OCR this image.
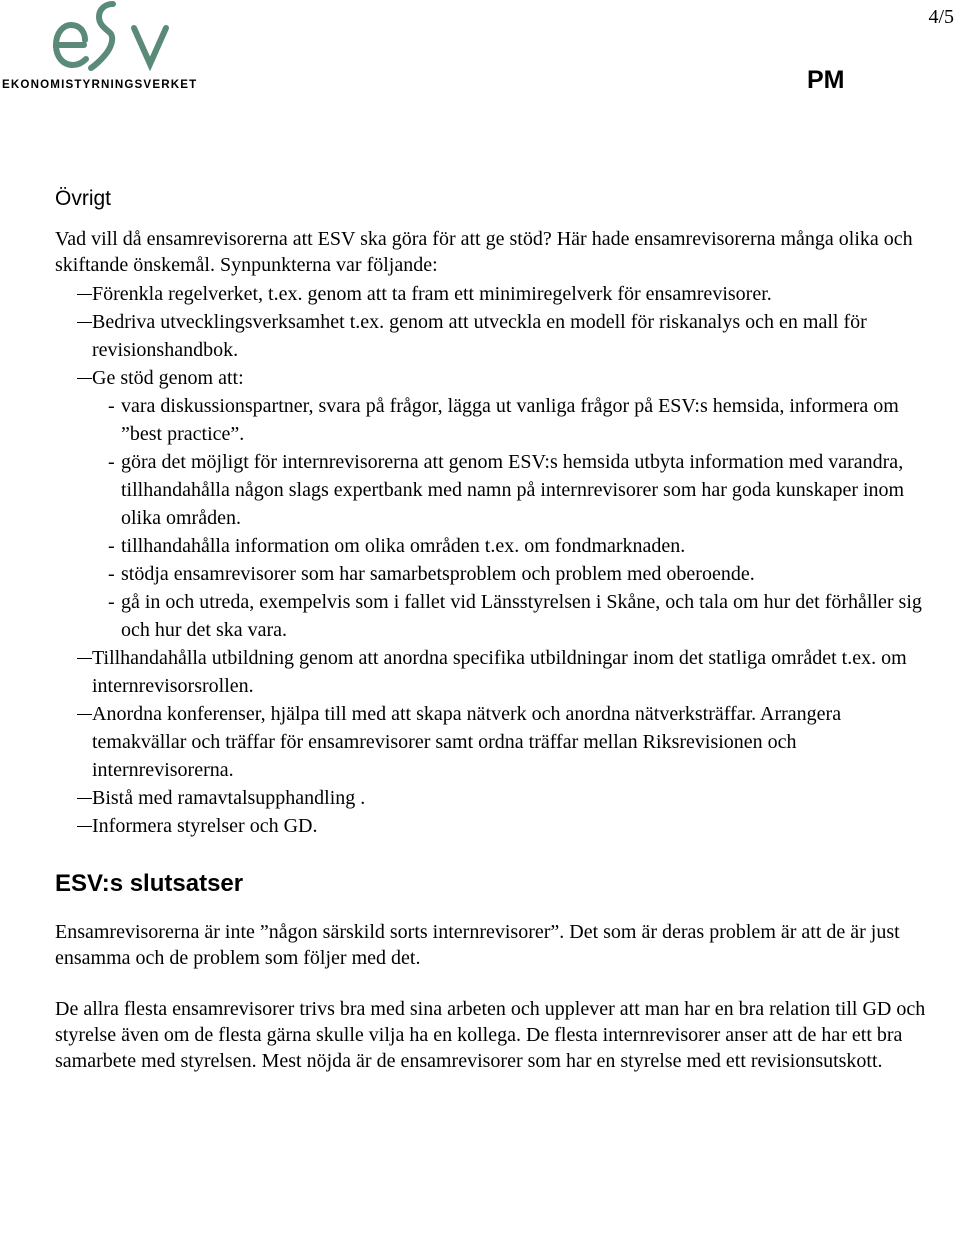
EKONOMISTYRNINGSVERKET
4/5
PM
Övrigt

Vad vill då ensamrevisorerna att ESV ska göra för att ge stöd? Här hade ensamrevisorerna många olika och skiftande önskemål. Synpunkterna var följande:

Förenkla regelverket, t.ex. genom att ta fram ett minimiregelverk för ensamrevisorer.
Bedriva utvecklingsverksamhet t.ex. genom att utveckla en modell för riskanalys och en mall för revisionshandbok.
Ge stöd genom att:
- vara diskussionspartner, svara på frågor, lägga ut vanliga frågor på ESV:s hemsida, informera om ”best practice”.
- göra det möjligt för internrevisorerna att genom ESV:s hemsida utbyta information med varandra, tillhandahålla någon slags expertbank med namn på internrevisorer som har goda kunskaper inom olika områden.
- tillhandahålla information om olika områden t.ex. om fondmarknaden.
- stödja ensamrevisorer som har samarbetsproblem och problem med oberoende.
- gå in och utreda, exempelvis som i fallet vid Länsstyrelsen i Skåne, och tala om hur det förhåller sig och hur det ska vara.
Tillhandahålla utbildning genom att anordna specifika utbildningar inom det statliga området t.ex. om internrevisorsrollen.
Anordna konferenser, hjälpa till med att skapa nätverk och anordna nätverksträffar. Arrangera temakvällar och träffar för ensamrevisorer samt ordna träffar mellan Riksrevisionen och internrevisorerna.
Bistå med ramavtalsupphandling .
Informera styrelser och GD.
ESV:s slutsatser

Ensamrevisorerna är inte ”någon särskild sorts internrevisorer”. Det som är deras problem är att de är just ensamma och de problem som följer med det.

De allra flesta ensamrevisorer trivs bra med sina arbeten och upplever att man har en bra relation till GD och styrelse även om de flesta gärna skulle vilja ha en kollega. De flesta internrevisorer anser att de har ett bra samarbete med styrelsen. Mest nöjda är de ensamrevisorer som har en styrelse med ett revisionsutskott.
